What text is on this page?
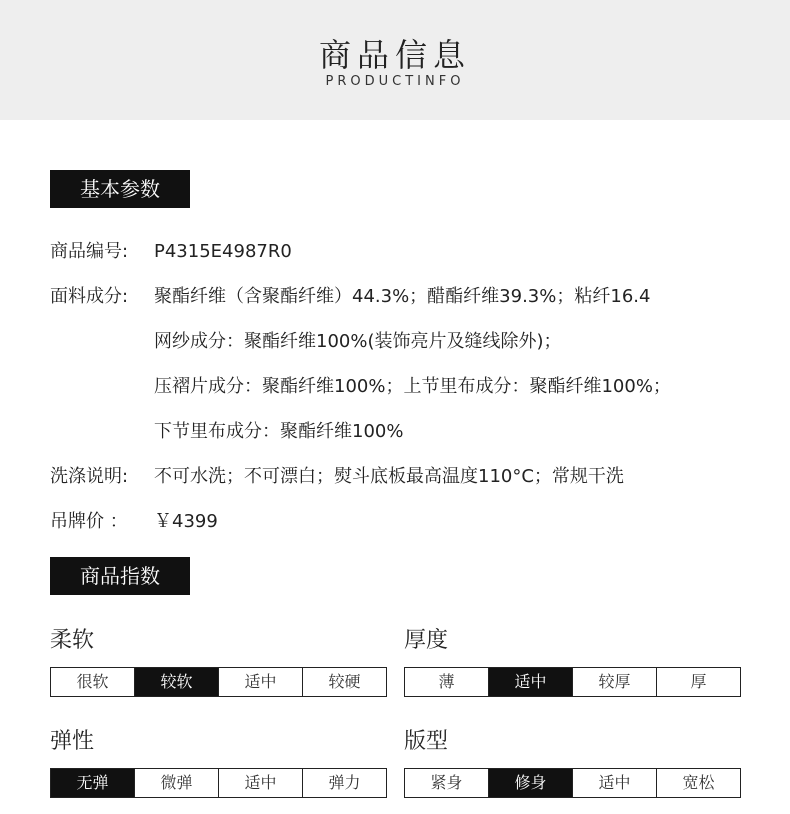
商品信息
PRODUCTINFO
基本参数
商品编号: P4315E4987R0
面料成分: 聚酯纤维（含聚酯纤维）44.3%；醋酯纤维39.3%；粘纤16.4
网纱成分：聚酯纤维100%(装饰亮片及缝线除外)；
压褶片成分：聚酯纤维100%；上节里布成分：聚酯纤维100%；
下节里布成分：聚酯纤维100%
洗涤说明: 不可水洗；不可漂白；熨斗底板最高温度110°C；常规干洗
吊牌价 ： ￥4399
商品指数
柔软
很软	较软	适中	较硬
厚度
薄	适中	较厚	厚
弹性
无弹	微弹	适中	弹力
版型
紧身	修身	适中	宽松
